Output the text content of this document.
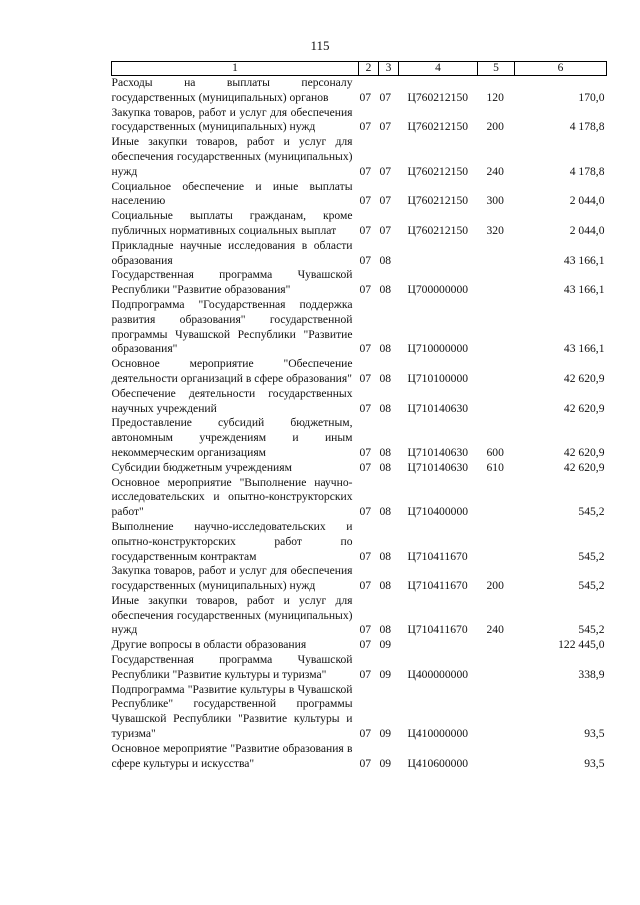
115
1	2	3	4	5	6
Расходы на выплаты персоналу государственных (муниципальных) органов	07	07	Ц760212150	120	170,0
Закупка товаров, работ и услуг для обеспечения государственных (муниципальных) нужд	07	07	Ц760212150	200	4 178,8
Иные закупки товаров, работ и услуг для обеспечения государственных (муниципальных) нужд	07	07	Ц760212150	240	4 178,8
Социальное обеспечение и иные выплаты населению	07	07	Ц760212150	300	2 044,0
Социальные выплаты гражданам, кроме публичных нормативных социальных выплат	07	07	Ц760212150	320	2 044,0
Прикладные научные исследования в области образования	07	08			43 166,1
Государственная программа Чувашской Республики "Развитие образования"	07	08	Ц700000000		43 166,1
Подпрограмма "Государственная поддержка развития образования" государственной программы Чувашской Республики "Развитие образования"	07	08	Ц710000000		43 166,1
Основное мероприятие "Обеспечение деятельности организаций в сфере образования"	07	08	Ц710100000		42 620,9
Обеспечение деятельности государственных научных учреждений	07	08	Ц710140630		42 620,9
Предоставление субсидий бюджетным, автономным учреждениям и иным некоммерческим организациям	07	08	Ц710140630	600	42 620,9
Субсидии бюджетным учреждениям	07	08	Ц710140630	610	42 620,9
Основное мероприятие "Выполнение научно-исследовательских и опытно-конструкторских работ"	07	08	Ц710400000		545,2
Выполнение научно-исследовательских и опытно-конструкторских работ по государственным контрактам	07	08	Ц710411670		545,2
Закупка товаров, работ и услуг для обеспечения государственных (муниципальных) нужд	07	08	Ц710411670	200	545,2
Иные закупки товаров, работ и услуг для обеспечения государственных (муниципальных) нужд	07	08	Ц710411670	240	545,2
Другие вопросы в области образования	07	09			122 445,0
Государственная программа Чувашской Республики "Развитие культуры и туризма"	07	09	Ц400000000		338,9
Подпрограмма "Развитие культуры в Чувашской Республике" государственной программы Чувашской Республики "Развитие культуры и туризма"	07	09	Ц410000000		93,5
Основное мероприятие "Развитие образования в сфере культуры и искусства"	07	09	Ц410600000		93,5
